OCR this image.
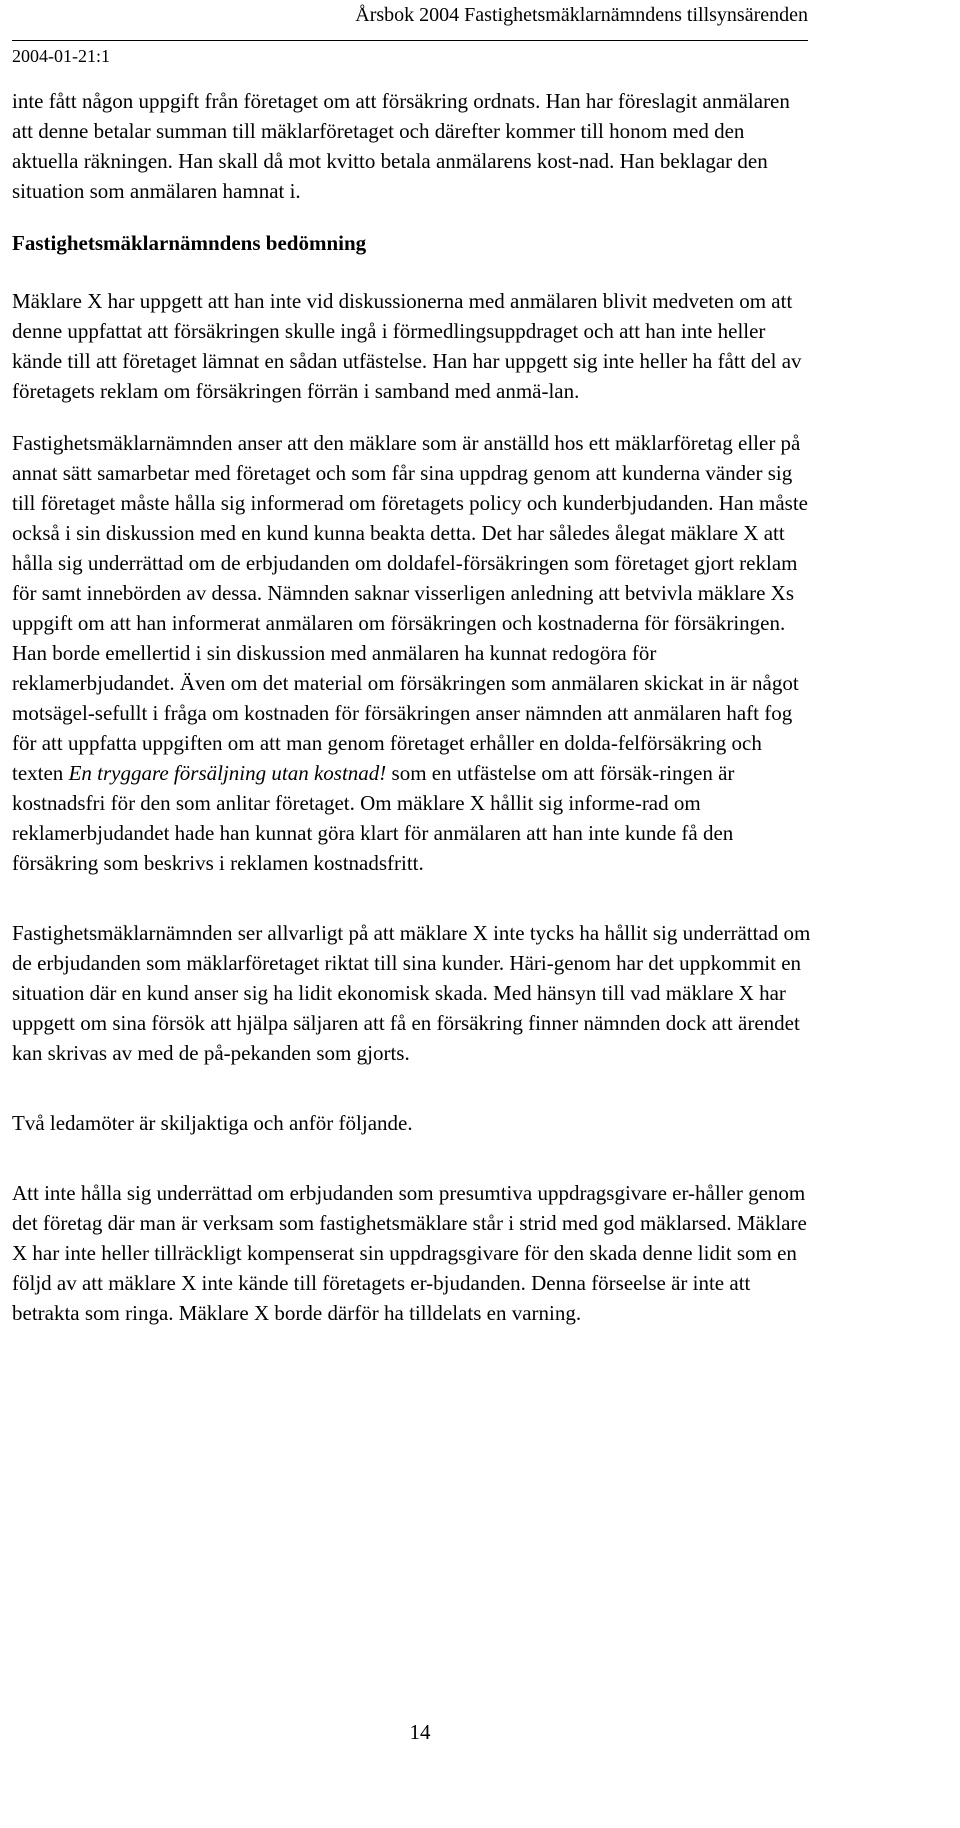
Årsbok 2004 Fastighetsmäklarnämndens tillsynsärenden
2004-01-21:1

inte fått någon uppgift från företaget om att försäkring ordnats. Han har föreslagit anmälaren att denne betalar summan till mäklarföretaget och därefter kommer till honom med den aktuella räkningen. Han skall då mot kvitto betala anmälarens kost-nad. Han beklagar den situation som anmälaren hamnat i.

Fastighetsmäklarnämndens bedömning

Mäklare X har uppgett att han inte vid diskussionerna med anmälaren blivit medveten om att denne uppfattat att försäkringen skulle ingå i förmedlingsuppdraget och att han inte heller kände till att företaget lämnat en sådan utfästelse. Han har uppgett sig inte heller ha fått del av företagets reklam om försäkringen förrän i samband med anmä-lan.

Fastighetsmäklarnämnden anser att den mäklare som är anställd hos ett mäklarföretag eller på annat sätt samarbetar med företaget och som får sina uppdrag genom att kunderna vänder sig till företaget måste hålla sig informerad om företagets policy och kunderbjudanden. Han måste också i sin diskussion med en kund kunna beakta detta. Det har således ålegat mäklare X att hålla sig underrättad om de erbjudanden om doldafel-försäkringen som företaget gjort reklam för samt innebörden av dessa. Nämnden saknar visserligen anledning att betvivla mäklare Xs uppgift om att han informerat anmälaren om försäkringen och kostnaderna för försäkringen. Han borde emellertid i sin diskussion med anmälaren ha kunnat redogöra för reklamerbjudandet. Även om det material om försäkringen som anmälaren skickat in är något motsägel-sefullt i fråga om kostnaden för försäkringen anser nämnden att anmälaren haft fog för att uppfatta uppgiften om att man genom företaget erhåller en dolda-felförsäkring och texten En tryggare försäljning utan kostnad! som en utfästelse om att försäk-ringen är kostnadsfri för den som anlitar företaget. Om mäklare X hållit sig informe-rad om reklamerbjudandet hade han kunnat göra klart för anmälaren att han inte kunde få den försäkring som beskrivs i reklamen kostnadsfritt.

Fastighetsmäklarnämnden ser allvarligt på att mäklare X inte tycks ha hållit sig underrättad om de erbjudanden som mäklarföretaget riktat till sina kunder. Häri-genom har det uppkommit en situation där en kund anser sig ha lidit ekonomisk skada. Med hänsyn till vad mäklare X har uppgett om sina försök att hjälpa säljaren att få en försäkring finner nämnden dock att ärendet kan skrivas av med de på-pekanden som gjorts.

Två ledamöter är skiljaktiga och anför följande.

Att inte hålla sig underrättad om erbjudanden som presumtiva uppdragsgivare er-håller genom det företag där man är verksam som fastighetsmäklare står i strid med god mäklarsed. Mäklare X har inte heller tillräckligt kompenserat sin uppdragsgivare för den skada denne lidit som en följd av att mäklare X inte kände till företagets er-bjudanden. Denna förseelse är inte att betrakta som ringa. Mäklare X borde därför ha tilldelats en varning.

14
